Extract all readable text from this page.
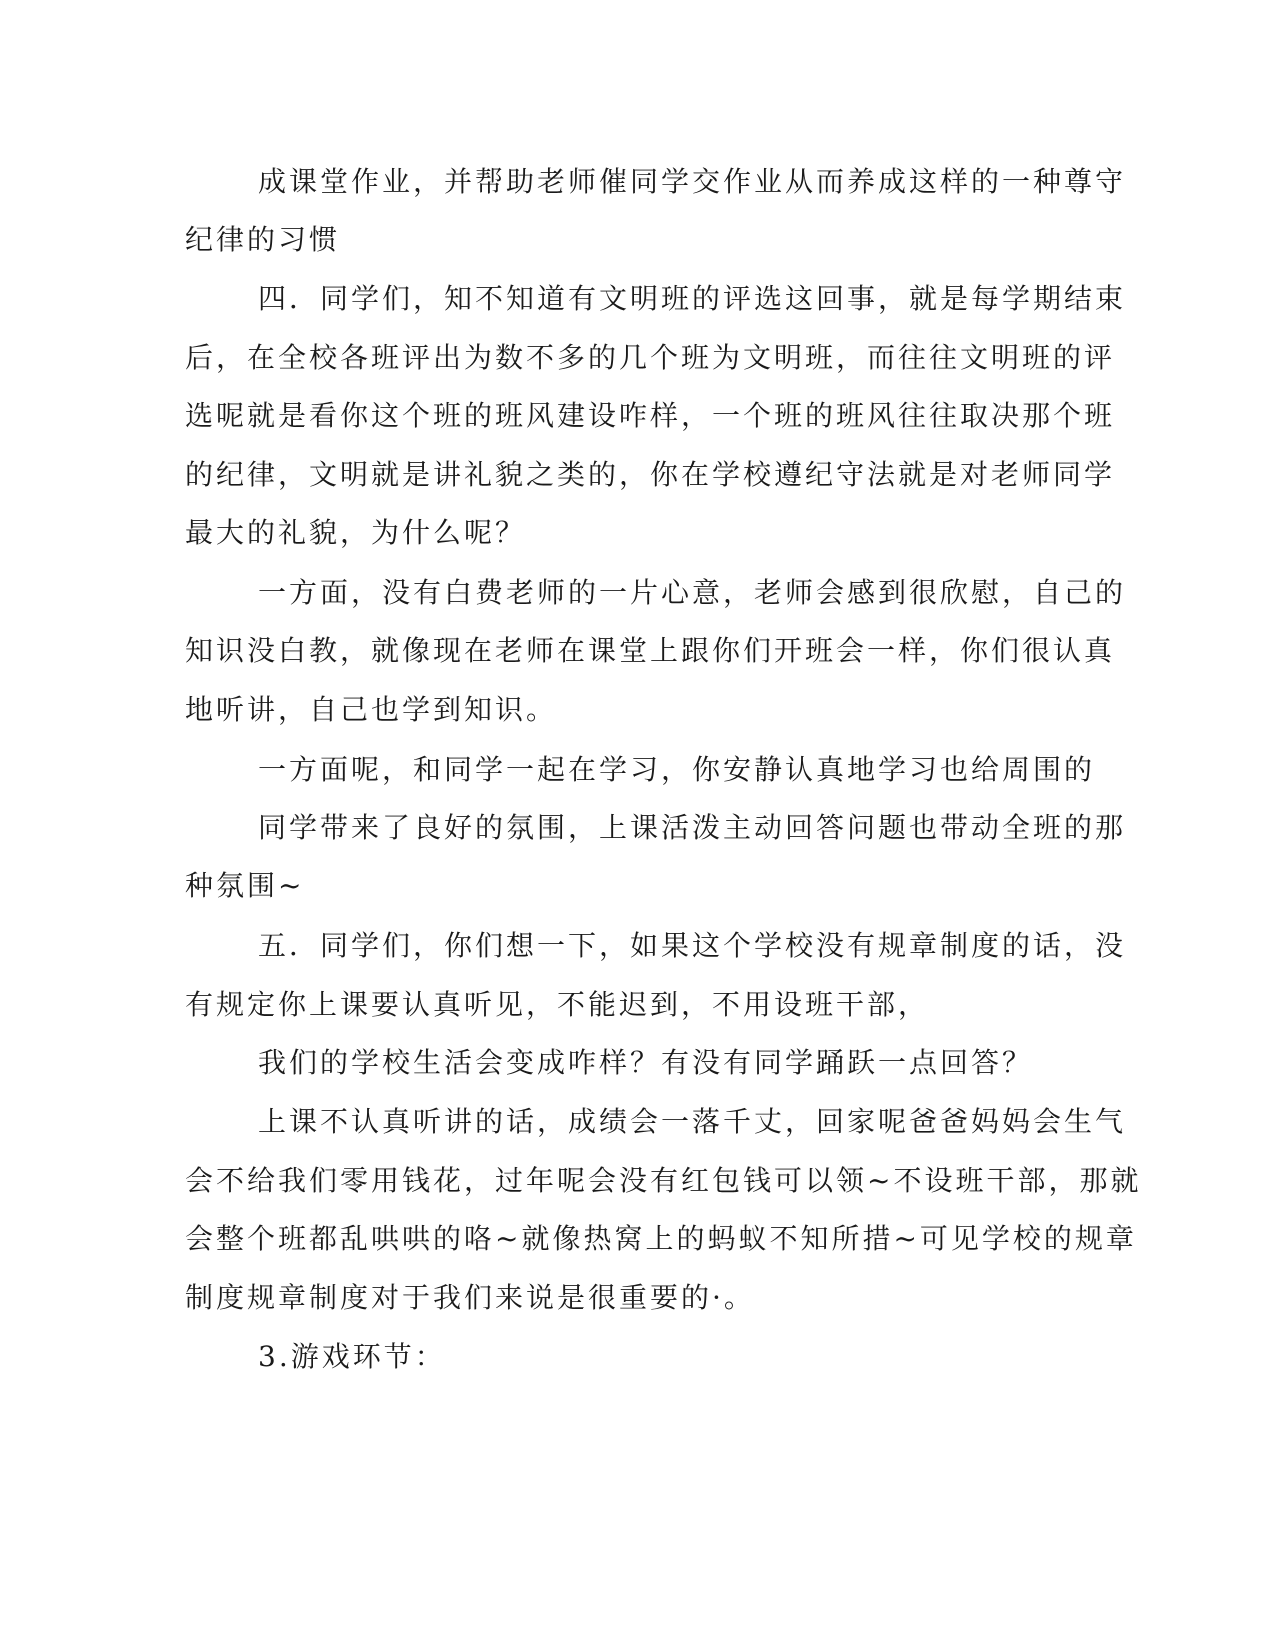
成课堂作业，并帮助老师催同学交作业从而养成这样的一种尊守
纪律的习惯
四．同学们，知不知道有文明班的评选这回事，就是每学期结束
后，在全校各班评出为数不多的几个班为文明班，而往往文明班的评
选呢就是看你这个班的班风建设咋样，一个班的班风往往取决那个班
的纪律，文明就是讲礼貌之类的，你在学校遵纪守法就是对老师同学
最大的礼貌，为什么呢？
一方面，没有白费老师的一片心意，老师会感到很欣慰，自己的
知识没白教，就像现在老师在课堂上跟你们开班会一样，你们很认真
地听讲，自己也学到知识。
一方面呢，和同学一起在学习，你安静认真地学习也给周围的
同学带来了良好的氛围，上课活泼主动回答问题也带动全班的那
种氛围~
五．同学们，你们想一下，如果这个学校没有规章制度的话，没
有规定你上课要认真听见，不能迟到，不用设班干部，
我们的学校生活会变成咋样？有没有同学踊跃一点回答？
上课不认真听讲的话，成绩会一落千丈，回家呢爸爸妈妈会生气
会不给我们零用钱花，过年呢会没有红包钱可以领~不设班干部，那就
会整个班都乱哄哄的咯~就像热窝上的蚂蚁不知所措~可见学校的规章
制度规章制度对于我们来说是很重要的·。
3.游戏环节：
